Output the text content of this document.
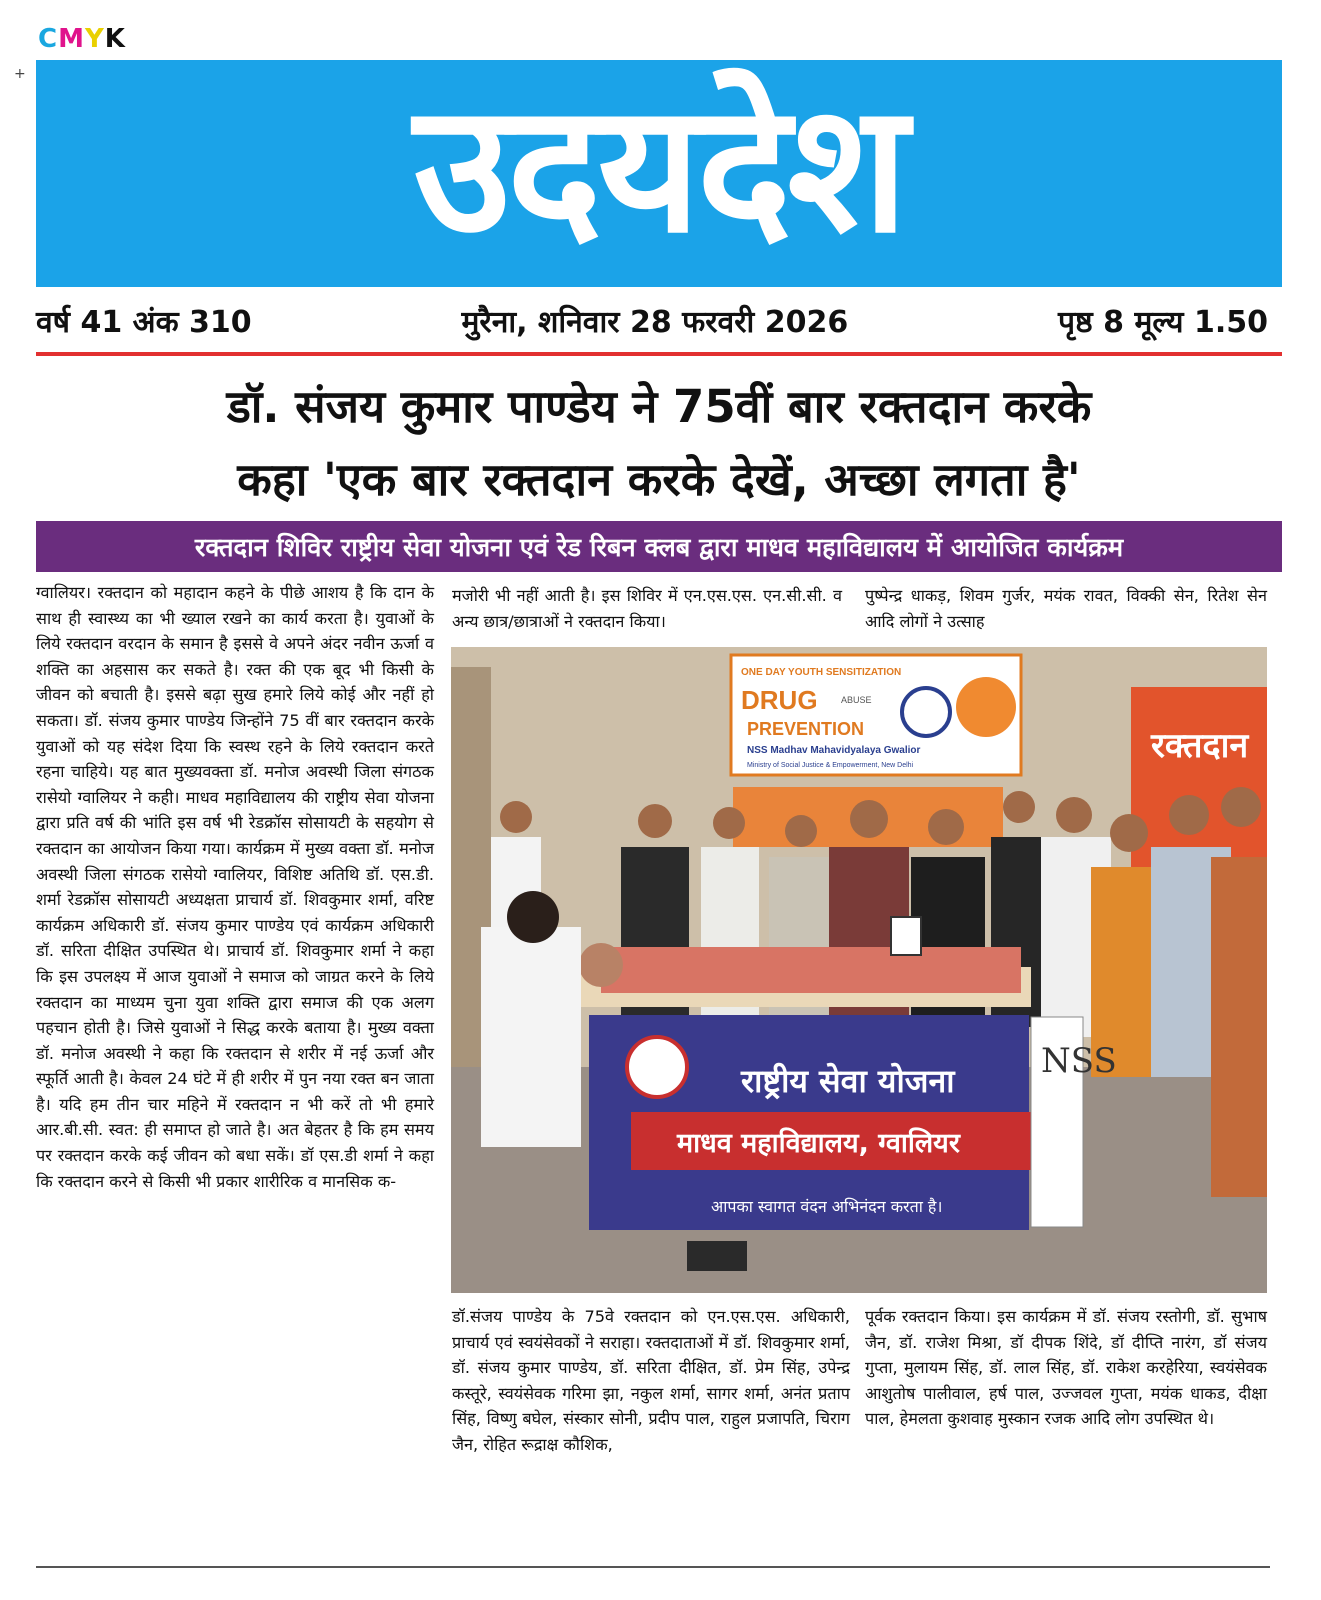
CMYK
+ उदयदेश
वर्ष 41 अंक 310	मुरैना, शनिवार 28 फरवरी 2026	पृष्ठ 8 मूल्य 1.50
डॉ. संजय कुमार पाण्डेय ने 75वीं बार रक्तदान करके
कहा 'एक बार रक्तदान करके देखें, अच्छा लगता है'
रक्तदान शिविर राष्ट्रीय सेवा योजना एवं रेड रिबन क्लब द्वारा माधव महाविद्यालय में आयोजित कार्यक्रम
ग्वालियर। रक्तदान को महादान कहने के पीछे आशय है कि दान के साथ ही स्वास्थ्य का भी ख्याल रखने का कार्य करता है। युवाओं के लिये रक्तदान वरदान के समान है इससे वे अपने अंदर नवीन ऊर्जा व शक्ति का अहसास कर सकते है। रक्त की एक बूद भी किसी के जीवन को बचाती है। इससे बढ़ा सुख हमारे लिये कोई और नहीं हो सकता। डॉ. संजय कुमार पाण्डेय जिन्होंने 75 वीं बार रक्तदान करके युवाओं को यह संदेश दिया कि स्वस्थ रहने के लिये रक्तदान करते रहना चाहिये। यह बात मुख्यवक्ता डॉ. मनोज अवस्थी जिला संगठक रासेयो ग्वालियर ने कही। माधव महाविद्यालय की राष्ट्रीय सेवा योजना द्वारा प्रति वर्ष की भांति इस वर्ष भी रेडक्रॉस सोसायटी के सहयोग से रक्तदान का आयोजन किया गया। कार्यक्रम में मुख्य वक्ता डॉ. मनोज अवस्थी जिला संगठक रासेयो ग्वालियर, विशिष्ट अतिथि डॉ. एस.डी. शर्मा रेडक्रॉस सोसायटी अध्यक्षता प्राचार्य डॉ. शिवकुमार शर्मा, वरिष्ट कार्यक्रम अधिकारी डॉ. संजय कुमार पाण्डेय एवं कार्यक्रम अधिकारी डॉ. सरिता दीक्षित उपस्थित थे। प्राचार्य डॉ. शिवकुमार शर्मा ने कहा कि इस उपलक्ष्य में आज युवाओं ने समाज को जाग्रत करने के लिये रक्तदान का माध्यम चुना युवा शक्ति द्वारा समाज की एक अलग पहचान होती है। जिसे युवाओं ने सिद्ध करके बताया है। मुख्य वक्ता डॉ. मनोज अवस्थी ने कहा कि रक्तदान से शरीर में नई ऊर्जा और स्फूर्ति आती है। केवल 24 घंटे में ही शरीर में पुन नया रक्त बन जाता है। यदि हम तीन चार महिने में रक्तदान न भी करें तो भी हमारे आर.बी.सी. स्वत: ही समाप्त हो जाते है। अत बेहतर है कि हम समय पर रक्तदान करके कई जीवन को बधा सकें। डॉ एस.डी शर्मा ने कहा कि रक्तदान करने से किसी भी प्रकार शारीरिक व मानसिक क-
मजोरी भी नहीं आती है। इस शिविर में एन.एस.एस. एन.सी.सी. व अन्य छात्र/छात्राओं ने रक्तदान किया।
पुष्पेन्द्र धाकड़, शिवम गुर्जर, मयंक रावत, विक्की सेन, रितेश सेन आदि लोगों ने उत्साह
ONE DAY YOUTH SENSITIZATION
DRUG	ABUSE
PREVENTION
NSS Madhav Mahavidyalaya Gwalior
Ministry of Social Justice & Empowerment, New Delhi	रक्तदान
राष्ट्रीय सेवा योजना
माधव महाविद्यालय, ग्वालियर
आपका स्वागत वंदन अभिनंदन करता है।
NSS
डॉ.संजय पाण्डेय के 75वे रक्तदान को एन.एस.एस. अधिकारी, प्राचार्य एवं स्वयंसेवकों ने सराहा। रक्तदाताओं में डॉ. शिवकुमार शर्मा, डॉ. संजय कुमार पाण्डेय, डॉ. सरिता दीक्षित, डॉ. प्रेम सिंह, उपेन्द्र कस्तूरे, स्वयंसेवक गरिमा झा, नकुल शर्मा, सागर शर्मा, अनंत प्रताप सिंह, विष्णु बघेल, संस्कार सोनी, प्रदीप पाल, राहुल प्रजापति, चिराग जैन, रोहित रूद्राक्ष कौशिक,
पूर्वक रक्तदान किया। इस कार्यक्रम में डॉ. संजय रस्तोगी, डॉ. सुभाष जैन, डॉ. राजेश मिश्रा, डॉ दीपक शिंदे, डॉ दीप्ति नारंग, डॉ संजय गुप्ता, मुलायम सिंह, डॉ. लाल सिंह, डॉ. राकेश करहेरिया, स्वयंसेवक आशुतोष पालीवाल, हर्ष पाल, उज्जवल गुप्ता, मयंक धाकड, दीक्षा पाल, हेमलता कुशवाह मुस्कान रजक आदि लोग उपस्थित थे।
